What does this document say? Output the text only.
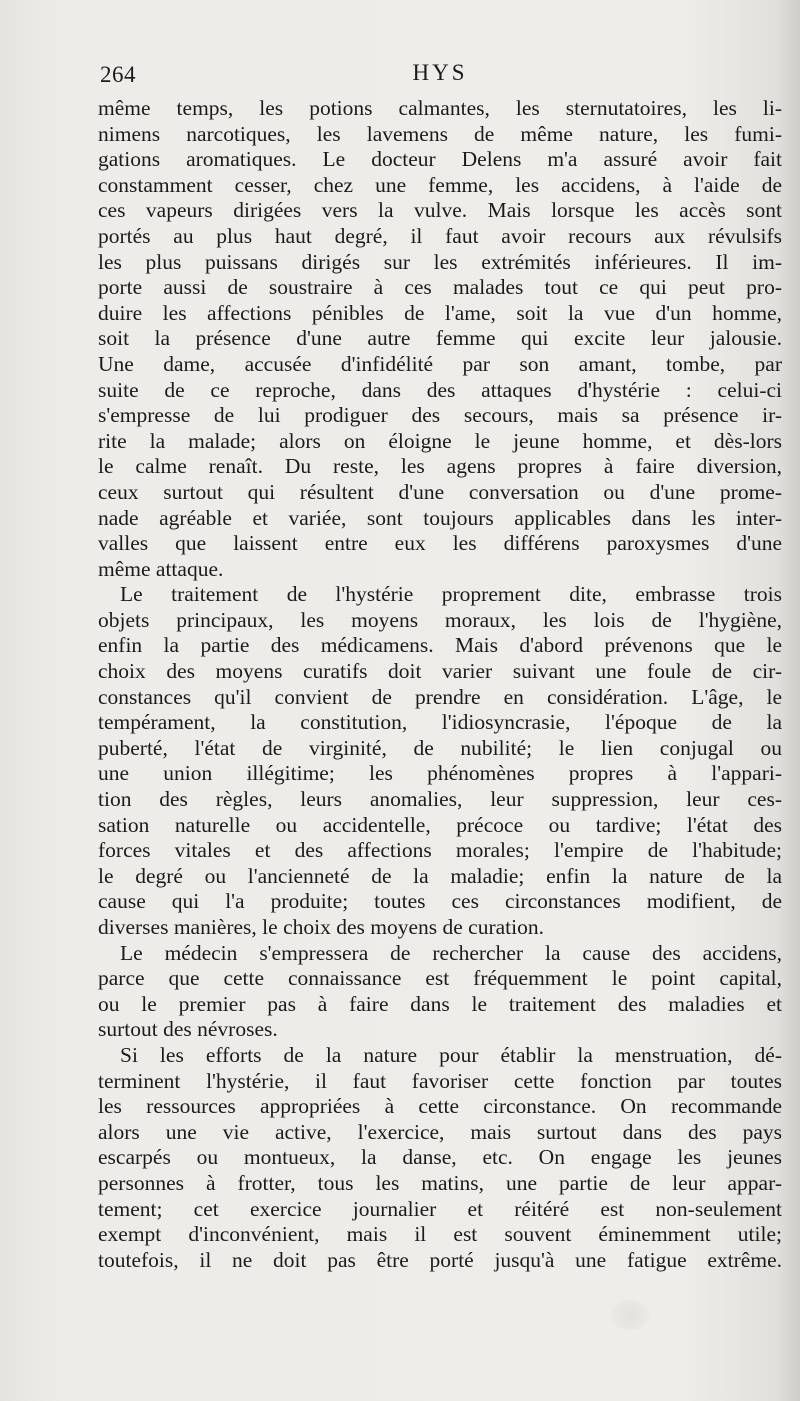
264	HYS
même temps, les potions calmantes, les sternutatoires, les li-
nimens narcotiques, les lavemens de même nature, les fumi-
gations aromatiques. Le docteur Delens m'a assuré avoir fait
constamment cesser, chez une femme, les accidens, à l'aide de
ces vapeurs dirigées vers la vulve. Mais lorsque les accès sont
portés au plus haut degré, il faut avoir recours aux révulsifs
les plus puissans dirigés sur les extrémités inférieures. Il im-
porte aussi de soustraire à ces malades tout ce qui peut pro-
duire les affections pénibles de l'ame, soit la vue d'un homme,
soit la présence d'une autre femme qui excite leur jalousie.
Une dame, accusée d'infidélité par son amant, tombe, par
suite de ce reproche, dans des attaques d'hystérie : celui-ci
s'empresse de lui prodiguer des secours, mais sa présence ir-
rite la malade; alors on éloigne le jeune homme, et dès-lors
le calme renaît. Du reste, les agens propres à faire diversion,
ceux surtout qui résultent d'une conversation ou d'une prome-
nade agréable et variée, sont toujours applicables dans les inter-
valles que laissent entre eux les différens paroxysmes d'une
même attaque.
Le traitement de l'hystérie proprement dite, embrasse trois
objets principaux, les moyens moraux, les lois de l'hygiène,
enfin la partie des médicamens. Mais d'abord prévenons que le
choix des moyens curatifs doit varier suivant une foule de cir-
constances qu'il convient de prendre en considération. L'âge, le
tempérament, la constitution, l'idiosyncrasie, l'époque de la
puberté, l'état de virginité, de nubilité; le lien conjugal ou
une union illégitime; les phénomènes propres à l'appari-
tion des règles, leurs anomalies, leur suppression, leur ces-
sation naturelle ou accidentelle, précoce ou tardive; l'état des
forces vitales et des affections morales; l'empire de l'habitude;
le degré ou l'ancienneté de la maladie; enfin la nature de la
cause qui l'a produite; toutes ces circonstances modifient, de
diverses manières, le choix des moyens de curation.
Le médecin s'empressera de rechercher la cause des accidens,
parce que cette connaissance est fréquemment le point capital,
ou le premier pas à faire dans le traitement des maladies et
surtout des névroses.
Si les efforts de la nature pour établir la menstruation, dé-
terminent l'hystérie, il faut favoriser cette fonction par toutes
les ressources appropriées à cette circonstance. On recommande
alors une vie active, l'exercice, mais surtout dans des pays
escarpés ou montueux, la danse, etc. On engage les jeunes
personnes à frotter, tous les matins, une partie de leur appar-
tement; cet exercice journalier et réitéré est non-seulement
exempt d'inconvénient, mais il est souvent éminemment utile;
toutefois, il ne doit pas être porté jusqu'à une fatigue extrême.
